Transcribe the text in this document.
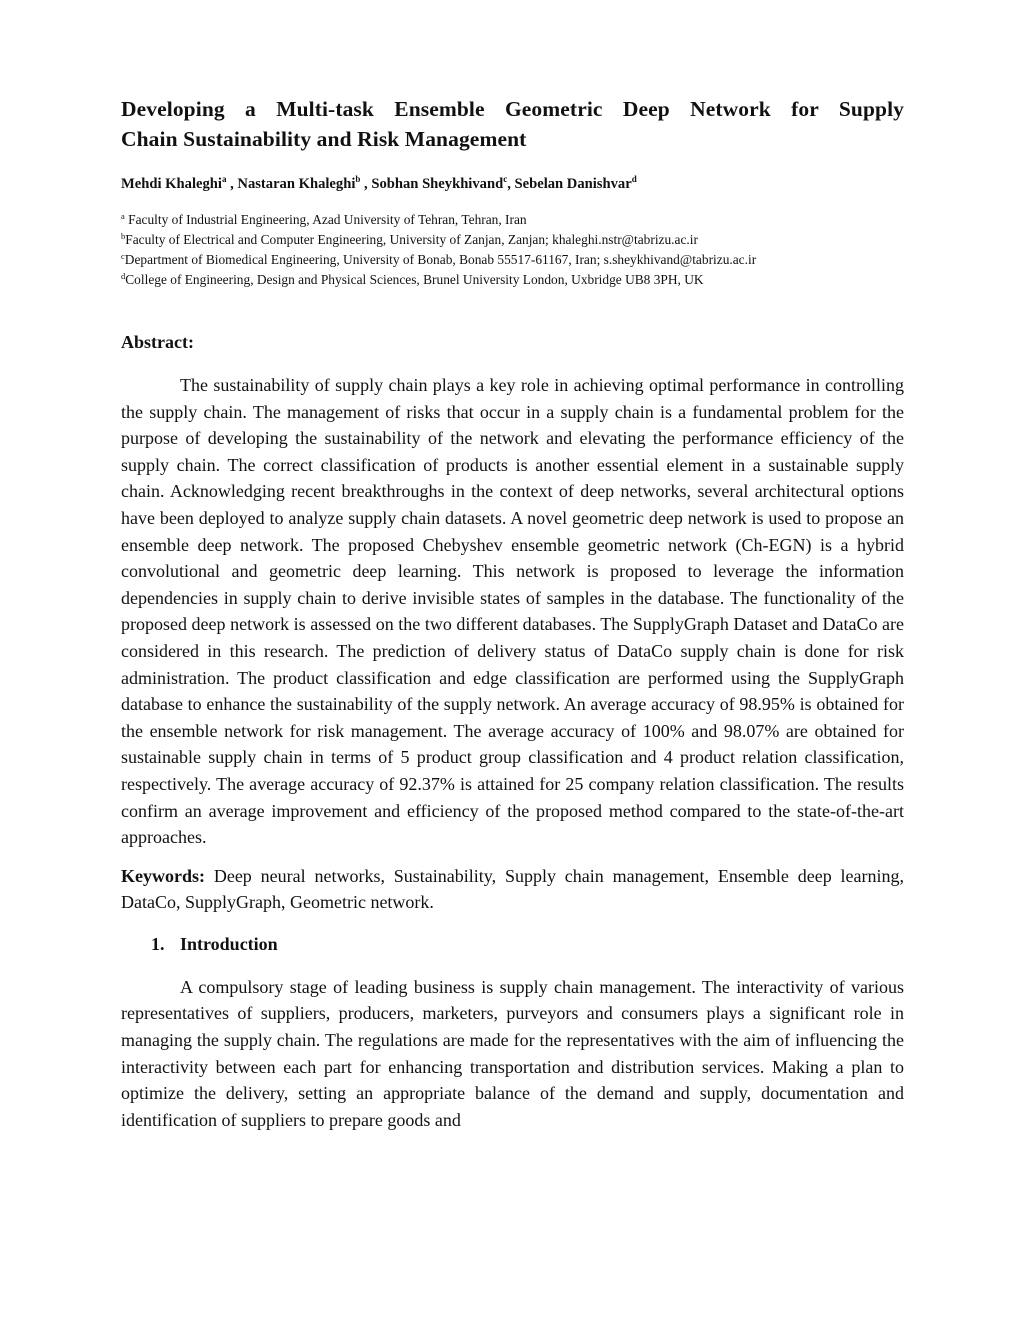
Developing a Multi-task Ensemble Geometric Deep Network for Supply
Chain Sustainability and Risk Management
Mehdi Khaleghi$^a$ , Nastaran Khaleghi$^b$ , Sobhan Sheykhivand$^c$, Sebelan Danishvar$^d$
$^a$ Faculty of Industrial Engineering, Azad University of Tehran, Tehran, Iran
$^b$Faculty of Electrical and Computer Engineering, University of Zanjan, Zanjan; khaleghi.nstr@tabrizu.ac.ir
$^c$Department of Biomedical Engineering, University of Bonab, Bonab 55517-61167, Iran; s.sheykhivand@tabrizu.ac.ir
$^d$College of Engineering, Design and Physical Sciences, Brunel University London, Uxbridge UB8 3PH, UK
Abstract:

The sustainability of supply chain plays a key role in achieving optimal performance in controlling the supply chain. The management of risks that occur in a supply chain is a fundamental problem for the purpose of developing the sustainability of the network and elevating the performance efficiency of the supply chain. The correct classification of products is another essential element in a sustainable supply chain. Acknowledging recent breakthroughs in the context of deep networks, several architectural options have been deployed to analyze supply chain datasets. A novel geometric deep network is used to propose an ensemble deep network. The proposed Chebyshev ensemble geometric network (Ch-EGN) is a hybrid convolutional and geometric deep learning. This network is proposed to leverage the information dependencies in supply chain to derive invisible states of samples in the database. The functionality of the proposed deep network is assessed on the two different databases. The SupplyGraph Dataset and DataCo are considered in this research. The prediction of delivery status of DataCo supply chain is done for risk administration. The product classification and edge classification are performed using the SupplyGraph database to enhance the sustainability of the supply network. An average accuracy of 98.95% is obtained for the ensemble network for risk management. The average accuracy of 100% and 98.07% are obtained for sustainable supply chain in terms of 5 product group classification and 4 product relation classification, respectively. The average accuracy of 92.37% is attained for 25 company relation classification. The results confirm an average improvement and efficiency of the proposed method compared to the state-of-the-art approaches.

Keywords: Deep neural networks, Sustainability, Supply chain management, Ensemble deep learning, DataCo, SupplyGraph, Geometric network.

1. Introduction

A compulsory stage of leading business is supply chain management. The interactivity of various representatives of suppliers, producers, marketers, purveyors and consumers plays a significant role in managing the supply chain. The regulations are made for the representatives with the aim of influencing the interactivity between each part for enhancing transportation and distribution services. Making a plan to optimize the delivery, setting an appropriate balance of the demand and supply, documentation and identification of suppliers to prepare goods and
